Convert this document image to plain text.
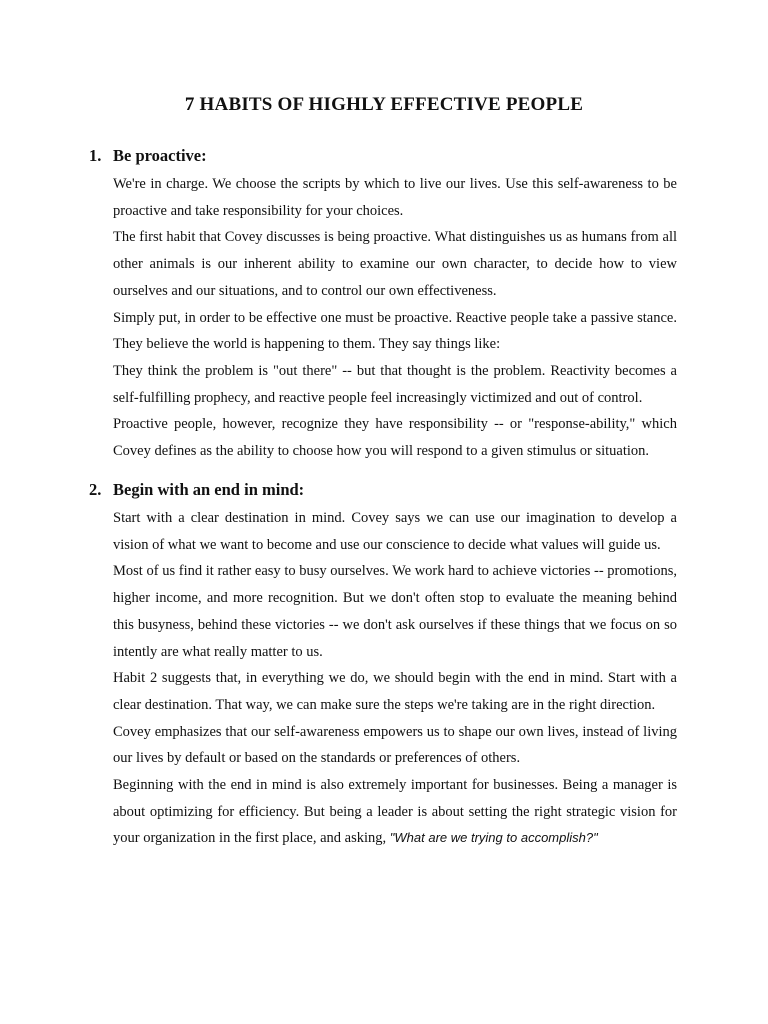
7 HABITS OF HIGHLY EFFECTIVE PEOPLE
1. Be proactive:

We're in charge. We choose the scripts by which to live our lives. Use this self-awareness to be proactive and take responsibility for your choices.

The first habit that Covey discusses is being proactive. What distinguishes us as humans from all other animals is our inherent ability to examine our own character, to decide how to view ourselves and our situations, and to control our own effectiveness.

Simply put, in order to be effective one must be proactive. Reactive people take a passive stance. They believe the world is happening to them. They say things like:

They think the problem is "out there" -- but that thought is the problem. Reactivity becomes a self-fulfilling prophecy, and reactive people feel increasingly victimized and out of control.

Proactive people, however, recognize they have responsibility -- or "response-ability," which Covey defines as the ability to choose how you will respond to a given stimulus or situation.

2. Begin with an end in mind:

Start with a clear destination in mind. Covey says we can use our imagination to develop a vision of what we want to become and use our conscience to decide what values will guide us.

Most of us find it rather easy to busy ourselves. We work hard to achieve victories -- promotions, higher income, and more recognition. But we don't often stop to evaluate the meaning behind this busyness, behind these victories -- we don't ask ourselves if these things that we focus on so intently are what really matter to us.

Habit 2 suggests that, in everything we do, we should begin with the end in mind. Start with a clear destination. That way, we can make sure the steps we're taking are in the right direction.

Covey emphasizes that our self-awareness empowers us to shape our own lives, instead of living our lives by default or based on the standards or preferences of others.

Beginning with the end in mind is also extremely important for businesses. Being a manager is about optimizing for efficiency. But being a leader is about setting the right strategic vision for your organization in the first place, and asking, "What are we trying to accomplish?"
